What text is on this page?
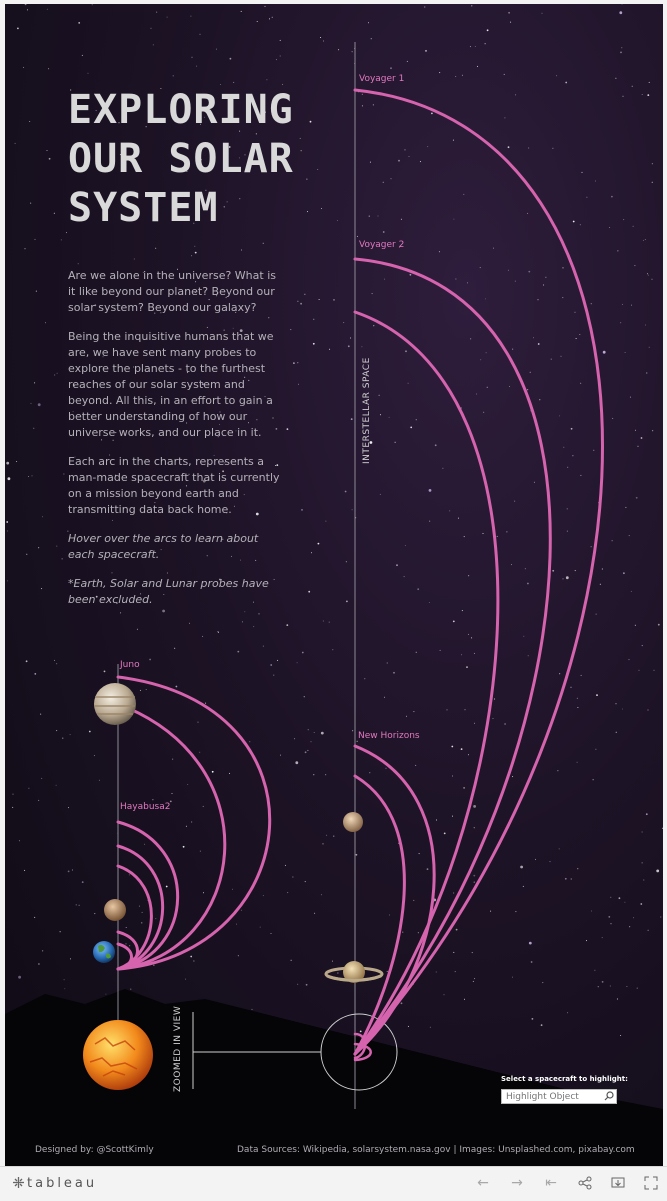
EXPLORING
OUR SOLAR
SYSTEM

Are we alone in the universe? What is it like beyond our planet? Beyond our solar system? Beyond our galaxy?

Being the inquisitive humans that we are, we have sent many probes to explore the planets - to the furthest reaches of our solar system and beyond. All this, in an effort to gain a better understanding of how our universe works, and our place in it.

Each arc in the charts, represents a man-made spacecraft that is currently on a mission beyond earth and transmitting data back home.

Hover over the arcs to learn about each spacecraft.

*Earth, Solar and Lunar probes have been excluded.

Voyager 1
Voyager 2
New Horizons
Juno
Hayabusa2
INTERSTELLAR SPACE
ZOOMED IN VIEW	Select a spacecraft to highlight:
Highlight Object
Designed by: @ScottKimly	Data Sources: Wikipedia, solarsystem.nasa.gov | Images: Unsplashed.com, pixabay.com
tableau	←	→	⇤
